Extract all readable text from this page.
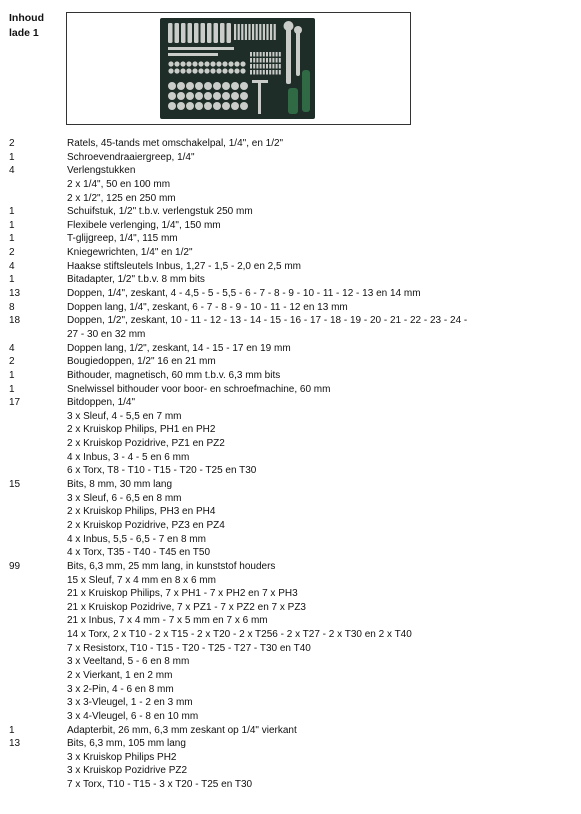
Inhoud
lade 1
2	Ratels, 45-tands met omschakelpal, 1/4", en 1/2"
1	Schroevendraaiergreep, 1/4"
4	Verlengstukken
2 x 1/4", 50 en 100 mm
2 x 1/2", 125 en 250 mm
1	Schuifstuk, 1/2" t.b.v. verlengstuk 250 mm
1	Flexibele verlenging, 1/4", 150 mm
1	T-glijgreep, 1/4", 115 mm
2	Kniegewrichten, 1/4" en 1/2"
4	Haakse stiftsleutels Inbus, 1,27 - 1,5 - 2,0 en 2,5 mm
1	Bitadapter, 1/2" t.b.v. 8 mm bits
13	Doppen, 1/4", zeskant, 4 - 4,5 - 5 - 5,5 - 6 - 7 - 8 - 9 - 10 - 11 - 12 - 13 en 14 mm
8	Doppen lang, 1/4", zeskant, 6 - 7 - 8 - 9 - 10 - 11 - 12 en 13 mm
18	Doppen, 1/2", zeskant, 10 - 11 - 12 - 13 - 14 - 15 - 16 - 17 - 18 - 19 - 20 - 21 - 22 - 23 - 24 -
27 - 30 en 32 mm
4	Doppen lang, 1/2", zeskant, 14 - 15 - 17 en 19 mm
2	Bougiedoppen, 1/2" 16 en 21 mm
1	Bithouder, magnetisch, 60 mm t.b.v. 6,3 mm bits
1	Snelwissel bithouder voor boor- en schroefmachine, 60 mm
17	Bitdoppen, 1/4"
3 x Sleuf, 4 - 5,5 en 7 mm
2 x Kruiskop Philips, PH1 en PH2
2 x Kruiskop Pozidrive, PZ1 en PZ2
4 x Inbus, 3 - 4 - 5 en 6 mm
6 x Torx, T8 - T10 - T15 - T20 - T25 en T30
15	Bits, 8 mm, 30 mm lang
3 x Sleuf, 6 - 6,5 en 8 mm
2 x Kruiskop Philips, PH3 en PH4
2 x Kruiskop Pozidrive, PZ3 en PZ4
4 x Inbus, 5,5 - 6,5 - 7 en 8 mm
4 x Torx, T35 - T40 - T45 en T50
99	Bits, 6,3 mm, 25 mm lang, in kunststof houders
15 x Sleuf, 7 x 4 mm en 8 x 6 mm
21 x Kruiskop Philips, 7 x PH1 - 7 x PH2 en 7 x PH3
21 x Kruiskop Pozidrive, 7 x PZ1 - 7 x PZ2 en 7 x PZ3
21 x Inbus, 7 x 4 mm - 7 x 5 mm en 7 x 6 mm
14 x Torx, 2 x T10 - 2 x T15 - 2 x T20 - 2 x T256 - 2 x T27 - 2 x T30 en 2 x T40
7 x Resistorx, T10 - T15 - T20 - T25 - T27 - T30 en T40
3 x Veeltand, 5 - 6 en 8 mm
2 x Vierkant, 1 en 2 mm
3 x 2-Pin, 4 - 6 en 8 mm
3 x 3-Vleugel, 1 - 2 en 3 mm
3 x 4-Vleugel, 6 - 8 en 10 mm
1	Adapterbit, 26 mm, 6,3 mm zeskant op 1/4" vierkant
13	Bits, 6,3 mm, 105 mm lang
3 x Kruiskop Philips PH2
3 x Kruiskop Pozidrive PZ2
7 x Torx, T10 - T15 - 3 x T20 - T25 en T30
